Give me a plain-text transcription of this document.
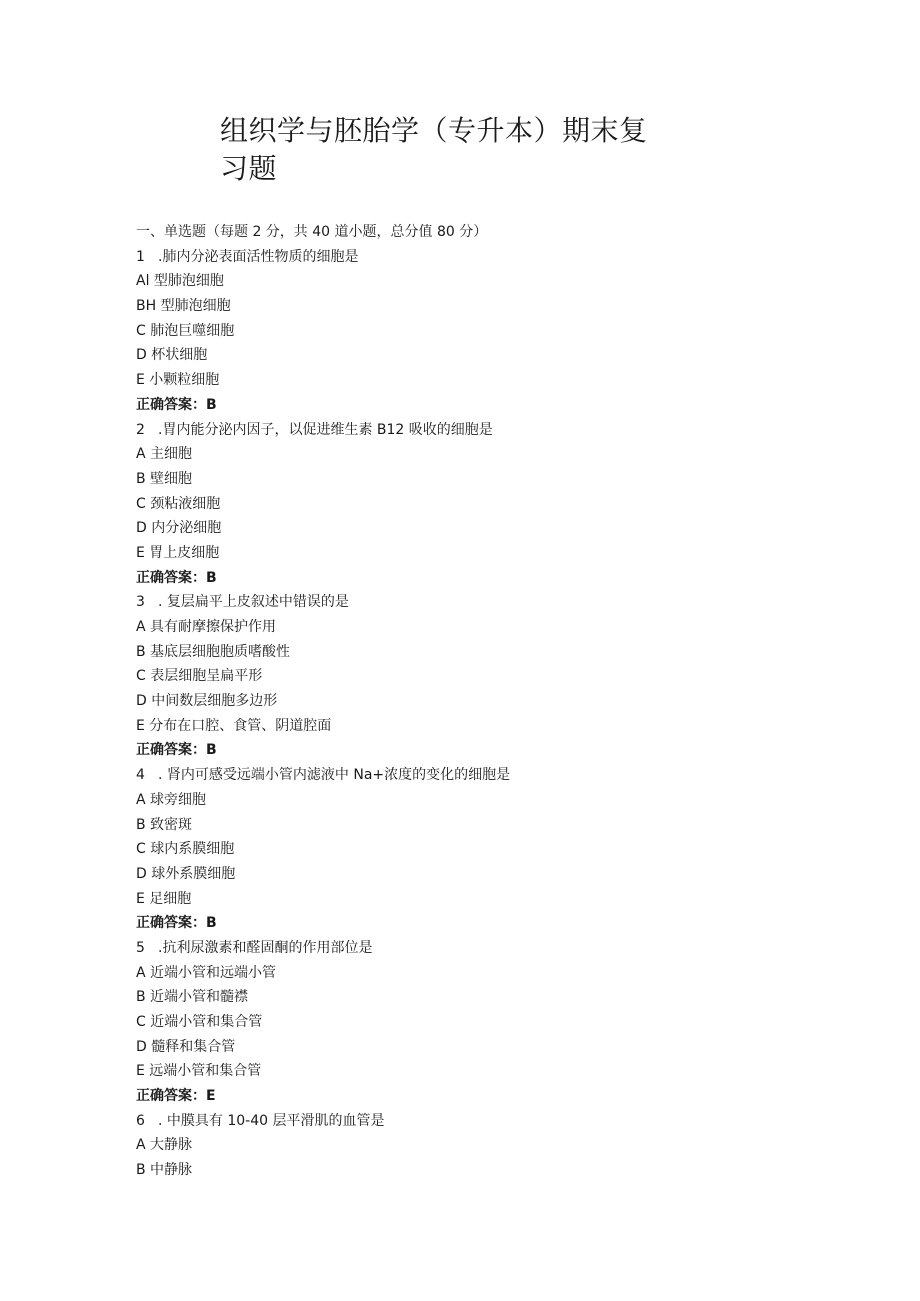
组织学与胚胎学（专升本）期末复习题
一、单选题（每题 2 分，共 40 道小题，总分值 80 分）
1 .肺内分泌表面活性物质的细胞是
Al 型肺泡细胞
BH 型肺泡细胞
C 肺泡巨噬细胞
D 杯状细胞
E 小颗粒细胞
正确答案：B
2 .胃内能分泌内因子，以促进维生素 B12 吸收的细胞是
A 主细胞
B 壁细胞
C 颈粘液细胞
D 内分泌细胞
E 胃上皮细胞
正确答案：B
3 . 复层扁平上皮叙述中错误的是
A 具有耐摩擦保护作用
B 基底层细胞胞质嗜酸性
C 表层细胞呈扁平形
D 中间数层细胞多边形
E 分布在口腔、食管、阴道腔面
正确答案：B
4 . 肾内可感受远端小管内滤液中 Na+浓度的变化的细胞是
A 球旁细胞
B 致密斑
C 球内系膜细胞
D 球外系膜细胞
E 足细胞
正确答案：B
5 .抗利尿激素和醛固酮的作用部位是
A 近端小管和远端小管
B 近端小管和髓襟
C 近端小管和集合管
D 髓释和集合管
E 远端小管和集合管
正确答案：E
6 . 中膜具有 10-40 层平滑肌的血管是
A 大静脉
B 中静脉
